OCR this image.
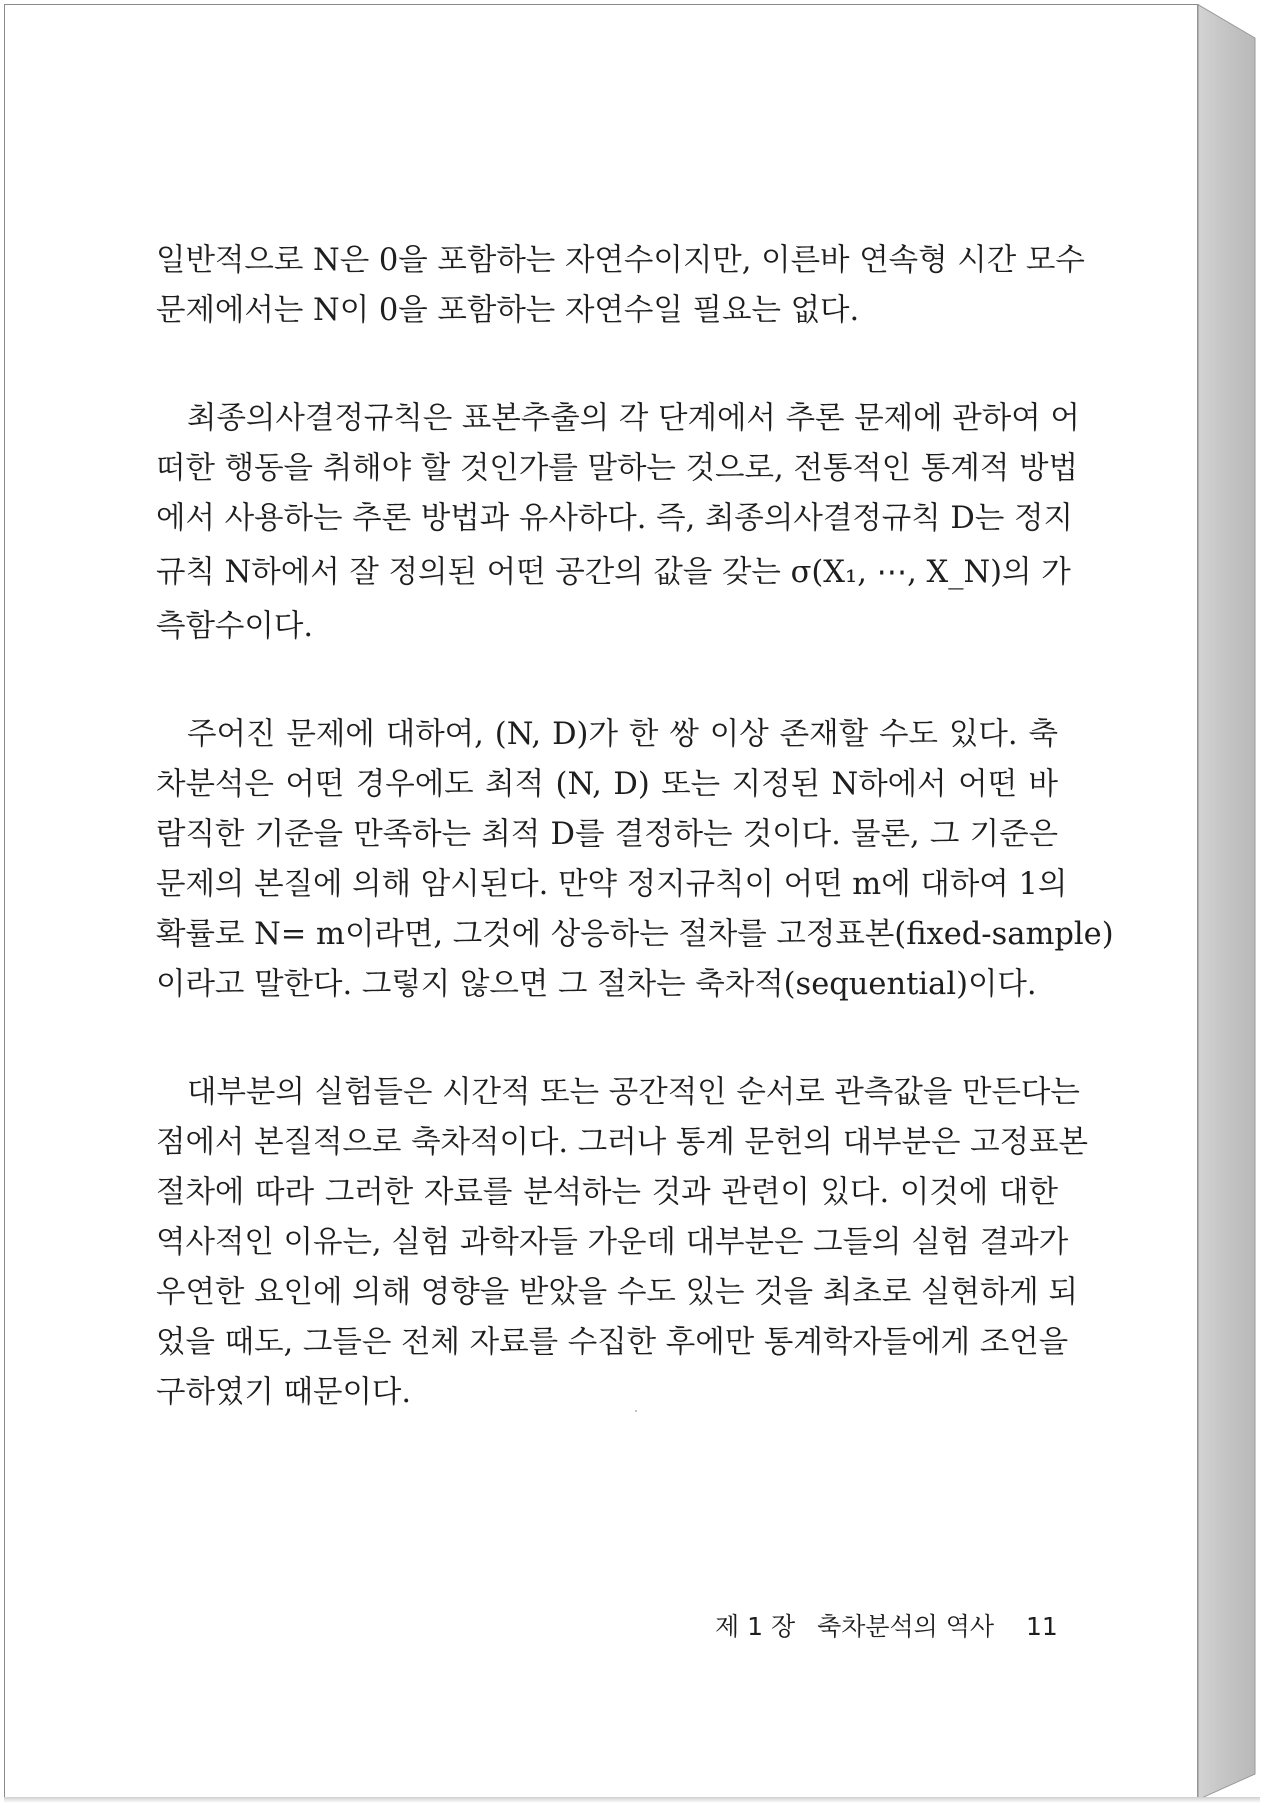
일반적으로 N은 0을 포함하는 자연수이지만, 이른바 연속형 시간 모수
문제에서는 N이 0을 포함하는 자연수일 필요는 없다.
최종의사결정규칙은 표본추출의 각 단계에서 추론 문제에 관하여 어
떠한 행동을 취해야 할 것인가를 말하는 것으로, 전통적인 통계적 방법
에서 사용하는 추론 방법과 유사하다. 즉, 최종의사결정규칙 D는 정지
규칙 N하에서 잘 정의된 어떤 공간의 값을 갖는 σ(X₁, ⋯, X_N)의 가
측함수이다.
주어진 문제에 대하여, (N, D)가 한 쌍 이상 존재할 수도 있다. 축
차분석은 어떤 경우에도 최적 (N, D) 또는 지정된 N하에서 어떤 바
람직한 기준을 만족하는 최적 D를 결정하는 것이다. 물론, 그 기준은
문제의 본질에 의해 암시된다. 만약 정지규칙이 어떤 m에 대하여 1의
확률로 N= m이라면, 그것에 상응하는 절차를 고정표본(fixed-sample)
이라고 말한다. 그렇지 않으면 그 절차는 축차적(sequential)이다.
대부분의 실험들은 시간적 또는 공간적인 순서로 관측값을 만든다는
점에서 본질적으로 축차적이다. 그러나 통계 문헌의 대부분은 고정표본
절차에 따라 그러한 자료를 분석하는 것과 관련이 있다. 이것에 대한
역사적인 이유는, 실험 과학자들 가운데 대부분은 그들의 실험 결과가
우연한 요인에 의해 영향을 받았을 수도 있는 것을 최초로 실현하게 되
었을 때도, 그들은 전체 자료를 수집한 후에만 통계학자들에게 조언을
구하였기 때문이다.
제 1 장 축차분석의 역사 11
